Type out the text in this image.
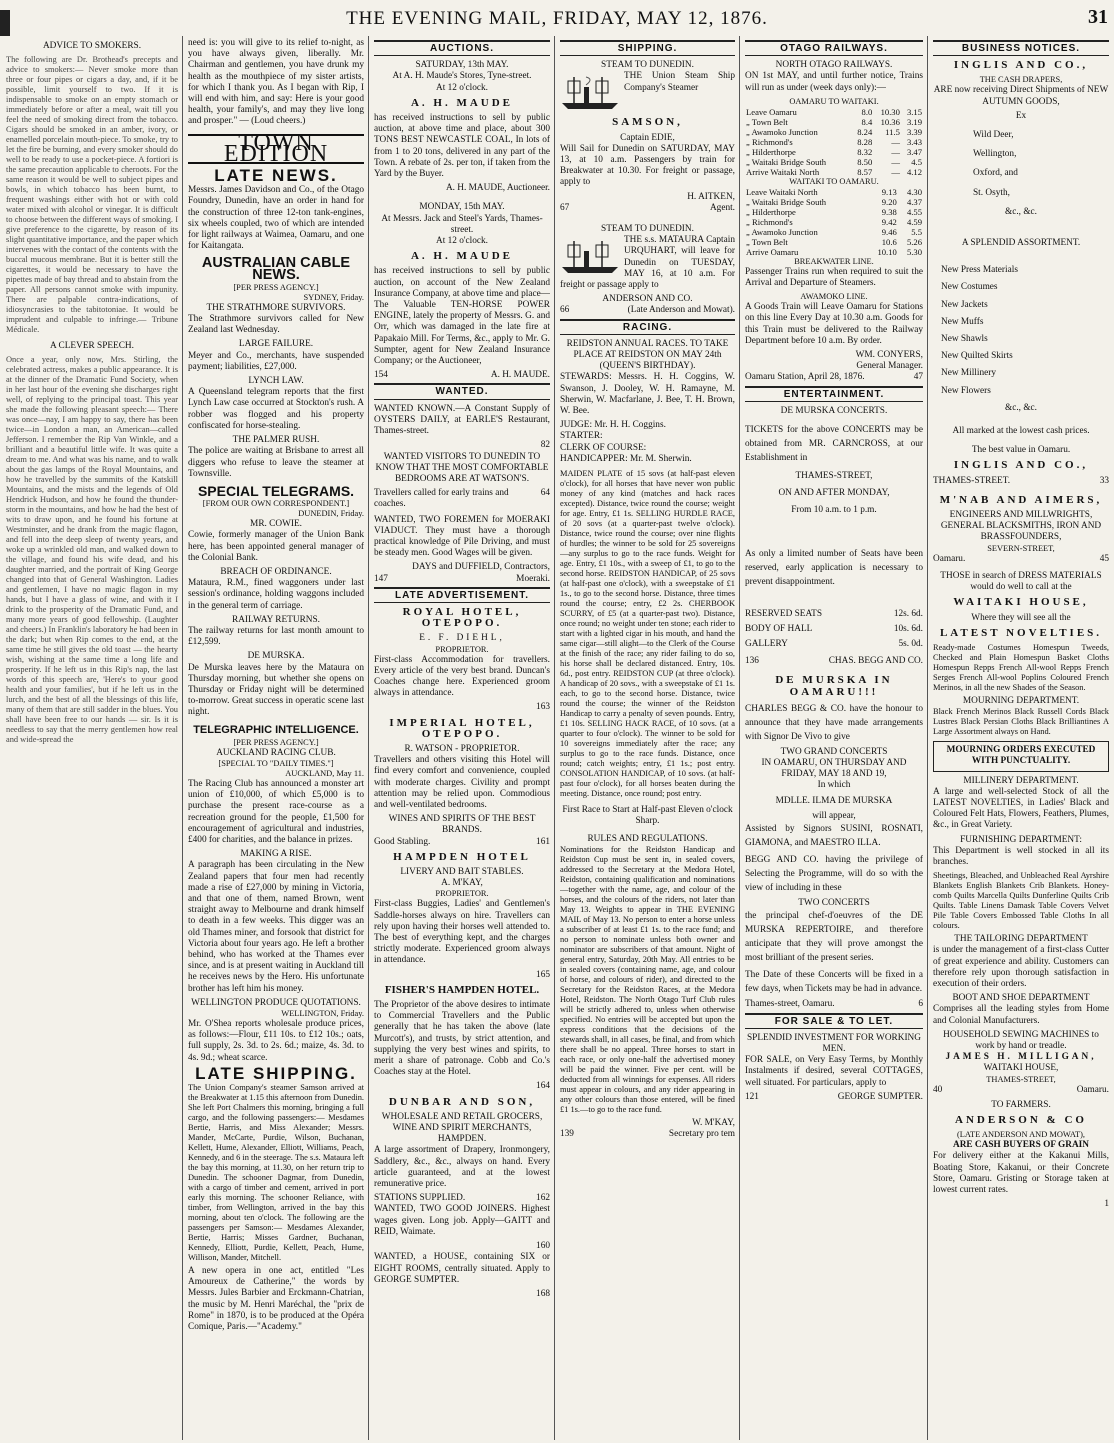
THE EVENING MAIL, FRIDAY, MAY 12, 1876.	31
ADVICE TO SMOKERS.

The following are Dr. Brothead's precepts and advice to smokers:— Never smoke more than three or four pipes or cigars a day, and, if it be possible, limit yourself to two. If it is indispensable to smoke on an empty stomach or immediately before or after a meal, wait till you feel the need of smoking direct from the tobacco. Cigars should be smoked in an amber, ivory, or enamelled porcelain mouth-piece. To smoke, try to let the fire be burning, and every smoker should do well to be ready to use a pocket-piece. A fortiori is the same precaution applicable to cheroots. For the same reason it would be well to subject pipes and bowls, in which tobacco has been burnt, to frequent washings either with hot or with cold water mixed with alcohol or vinegar. It is difficult to choose between the different ways of smoking. I give preference to the cigarette, by reason of its slight quantitative importance, and the paper which intervenes with the contact of the contents with the buccal mucous membrane. But it is better still the cigarettes, it would be necessary to have the pipettes made of bay thread and to abstain from the paper. All persons cannot smoke with impunity. There are palpable contra-indications, of idiosyncrasies to the tabitotoniae. It would be imprudent and culpable to infringe.— Tribune Médicale.

A CLEVER SPEECH.

Once a year, only now, Mrs. Stirling, the celebrated actress, makes a public appearance. It is at the dinner of the Dramatic Fund Society, when in her last hour of the evening she discharges right well, of replying to the principal toast. This year she made the following pleasant speech:— There was once—nay, I am happy to say, there has been twice—in London a man, an American—called Jefferson. I remember the Rip Van Winkle, and a brilliant and a beautiful little wife. It was quite a dream to me. And what was his name, and to walk about the gas lamps of the Royal Mountains, and how he travelled by the summits of the Katskill Mountains, and the mists and the legends of Old Hendrick Hudson, and how he found the thunder-storm in the mountains, and how he had the best of wits to draw upon, and he found his fortune at Westminster, and he drank from the magic flagon, and fell into the deep sleep of twenty years, and woke up a wrinkled old man, and walked down to the village, and found his wife dead, and his daughter married, and the portrait of King George changed into that of General Washington. Ladies and gentlemen, I have no magic flagon in my hands, but I have a glass of wine, and with it I drink to the prosperity of the Dramatic Fund, and many more years of good fellowship. (Laughter and cheers.) In Franklin's laboratory he had been in the dark; but when Rip comes to the end, at the same time he still gives the old toast — the hearty wish, wishing at the same time a long life and prosperity. If he left us in this Rip's nap, the last words of this speech are, 'Here's to your good health and your families', but if he left us in the lurch, and the best of all the blessings of this life, many of them that are still sadder in the blues. You shall have been free to our hands — sir. Is it is needless to say that the merry gentlemen how real and wide-spread the

need is: you will give to its relief to-night, as you have always given, liberally. Mr. Chairman and gentlemen, you have drunk my health as the mouthpiece of my sister artists, for which I thank you. As I began with Rip, I will end with him, and say: Here is your good health, your family's, and may they live long and prosper." — (Loud cheers.)

TOWN EDITION
LATE NEWS.

Messrs. James Davidson and Co., of the Otago Foundry, Dunedin, have an order in hand for the construction of three 12-ton tank-engines, six wheels coupled, two of which are intended for light railways at Waimea, Oamaru, and one for Kaitangata.

AUSTRALIAN CABLE NEWS.
[PER PRESS AGENCY.]
SYDNEY, Friday.
THE STRATHMORE SURVIVORS.

The Strathmore survivors called for New Zealand last Wednesday.

LARGE FAILURE.

Meyer and Co., merchants, have suspended payment; liabilities, £27,000.

LYNCH LAW.

A Queensland telegram reports that the first Lynch Law case occurred at Stockton's rush. A robber was flogged and his property confiscated for horse-stealing.

THE PALMER RUSH.

The police are waiting at Brisbane to arrest all diggers who refuse to leave the steamer at Townsville.

SPECIAL TELEGRAMS.
[FROM OUR OWN CORRESPONDENT.]
DUNEDIN, Friday.
MR. COWIE.

Cowie, formerly manager of the Union Bank here, has been appointed general manager of the Colonial Bank.

BREACH OF ORDINANCE.

Mataura, R.M., fined waggoners under last session's ordinance, holding waggons included in the general term of carriage.

RAILWAY RETURNS.

The railway returns for last month amount to £12,599.

DE MURSKA.

De Murska leaves here by the Mataura on Thursday morning, but whether she opens on Thursday or Friday night will be determined to-morrow. Great success in operatic scene last night.

TELEGRAPHIC INTELLIGENCE.
[PER PRESS AGENCY.]
AUCKLAND RACING CLUB.
[SPECIAL TO "DAILY TIMES."]
AUCKLAND, May 11.

The Racing Club has announced a monster art union of £10,000, of which £5,000 is to purchase the present race-course as a recreation ground for the people, £1,500 for encouragement of agricultural and industries, £400 for charities, and the balance in prizes.

MAKING A RISE.

A paragraph has been circulating in the New Zealand papers that four men had recently made a rise of £27,000 by mining in Victoria, and that one of them, named Brown, went straight away to Melbourne and drank himself to death in a few weeks. This digger was an old Thames miner, and forsook that district for Victoria about four years ago. He left a brother behind, who has worked at the Thames ever since, and is at present waiting in Auckland till he receives news by the Hero. His unfortunate brother has left him his money.

WELLINGTON PRODUCE QUOTATIONS.
WELLINGTON, Friday.

Mr. O'Shea reports wholesale produce prices, as follows:—Flour, £11 10s. to £12 10s.; oats, full supply, 2s. 3d. to 2s. 6d.; maize, 4s. 3d. to 4s. 9d.; wheat scarce.

LATE SHIPPING.

The Union Company's steamer Samson arrived at the Breakwater at 1.15 this afternoon from Dunedin. She left Port Chalmers this morning, bringing a full cargo, and the following passengers:— Mesdames Bertie, Harris, and Miss Alexander; Messrs. Mander, McCarte, Purdie, Wilson, Buchanan, Kellett, Hume, Alexander, Elliott, Williams, Peach, Kennedy, and 6 in the steerage. The s.s. Mataura left the bay this morning, at 11.30, on her return trip to Dunedin. The schooner Dagmar, from Dunedin, with a cargo of timber and cement, arrived in port early this morning. The schooner Reliance, with timber, from Wellington, arrived in the bay this morning, about ten o'clock. The following are the passengers per Samson:— Mesdames Alexander, Bertie, Harris; Misses Gardner, Buchanan, Kennedy, Elliott, Purdie, Kellett, Peach, Hume, Willison, Mander, Mitchell.

A new opera in one act, entitled "Les Amoureux de Catherine," the words by Messrs. Jules Barbier and Erckmann-Chatrian, the music by M. Henri Maréchal, the "prix de Rome" in 1870, is to be produced at the Opéra Comique, Paris.—"Academy."

AUCTIONS.
SATURDAY, 13th MAY.
At A. H. Maude's Stores, Tyne-street.
At 12 o'clock.
A. H. MAUDE

has received instructions to sell by public auction, at above time and place, about 300 TONS BEST NEWCASTLE COAL, In lots of from 1 to 20 tons, delivered in any part of the Town. A rebate of 2s. per ton, if taken from the Yard by the Buyer.

A. H. MAUDE, Auctioneer.
MONDAY, 15th MAY.
At Messrs. Jack and Steel's Yards, Thames-street.
At 12 o'clock.
A. H. MAUDE

has received instructions to sell by public auction, on account of the New Zealand Insurance Company, at above time and place— The Valuable TEN-HORSE POWER ENGINE, lately the property of Messrs. G. and Orr, which was damaged in the late fire at Papakaio Mill. For Terms, &c., apply to Mr. G. Sumpter, agent for New Zealand Insurance Company; or the Auctioneer,

154	A. H. MAUDE.
WANTED.

WANTED KNOWN.—A Constant Supply of OYSTERS DAILY, at EARLE'S Restaurant, Thames-street.

82

WANTED VISITORS TO DUNEDIN TO KNOW THAT THE MOST COMFORTABLE BEDROOMS ARE AT WATSON'S.

Travellers called for early trains and coaches.
64

WANTED, TWO FOREMEN for MOERAKI VIADUCT. They must have a thorough practical knowledge of Pile Driving, and must be steady men. Good Wages will be given.

DAYS and DUFFIELD, Contractors,
147	Moeraki.
LATE ADVERTISEMENT.
ROYAL HOTEL, OTEPOPO.
E. F. DIEHL,
PROPRIETOR.

First-class Accommodation for travellers. Every article of the very best brand. Duncan's Coaches change here. Experienced groom always in attendance.

163
IMPERIAL HOTEL, OTEPOPO.
R. WATSON - PROPRIETOR.

Travellers and others visiting this Hotel will find every comfort and convenience, coupled with moderate charges. Civility and prompt attention may be relied upon. Commodious and well-ventilated bedrooms.

WINES AND SPIRITS OF THE BEST BRANDS.
Good Stabling.	161
HAMPDEN HOTEL
LIVERY AND BAIT STABLES.
A. M'KAY,
PROPRIETOR.

First-class Buggies, Ladies' and Gentlemen's Saddle-horses always on hire. Travellers can rely upon having their horses well attended to. The best of everything kept, and the charges strictly moderate. Experienced groom always in attendance.

165
FISHER'S HAMPDEN HOTEL.

The Proprietor of the above desires to intimate to Commercial Travellers and the Public generally that he has taken the above (late Murcott's), and trusts, by strict attention, and supplying the very best wines and spirits, to merit a share of patronage. Cobb and Co.'s Coaches stay at the Hotel.

164
DUNBAR AND SON,
WHOLESALE AND RETAIL GROCERS, WINE AND SPIRIT MERCHANTS,
HAMPDEN.

A large assortment of Drapery, Ironmongery, Saddlery, &c., &c., always on hand. Every article guaranteed, and at the lowest remunerative price.

STATIONS SUPPLIED.	162

WANTED, TWO GOOD JOINERS. Highest wages given. Long job. Apply—GAITT and REID, Waimate.

160

WANTED, a HOUSE, containing SIX or EIGHT ROOMS, centrally situated. Apply to GEORGE SUMPTER.

168
SHIPPING.
STEAM TO DUNEDIN.

THE Union Steam Ship Company's Steamer

SAMSON,
Captain EDIE,

Will Sail for Dunedin on SATURDAY, MAY 13, at 10 a.m. Passengers by train for Breakwater at 10.30. For freight or passage, apply to

H. AITKEN,
67	Agent.
STEAM TO DUNEDIN.

THE s.s. MATAURA Captain URQUHART, will leave for Dunedin on TUESDAY, MAY 16, at 10 a.m. For freight or passage apply to

ANDERSON AND CO.
66	(Late Anderson and Mowat).
RACING.
REIDSTON ANNUAL RACES. TO TAKE PLACE AT REIDSTON ON MAY 24th (QUEEN'S BIRTHDAY).

STEWARDS: Messrs. H. H. Coggins, W. Swanson, J. Dooley, W. H. Ramayne, M. Sherwin, W. Macfarlane, J. Bee, T. H. Brown, W. Bee.

JUDGE: Mr. H. H. Coggins.
STARTER:
CLERK OF COURSE:
HANDICAPPER: Mr. M. Sherwin.

MAIDEN PLATE of 15 sovs (at half-past eleven o'clock), for all horses that have never won public money of any kind (matches and hack races excepted). Distance, twice round the course; weight for age. Entry, £1 1s. SELLING HURDLE RACE, of 20 sovs (at a quarter-past twelve o'clock). Distance, twice round the course; over nine flights of hurdles; the winner to be sold for 25 sovereigns—any surplus to go to the race funds. Weight for age. Entry, £1 10s., with a sweep of £1, to go to the second horse. REIDSTON HANDICAP, of 25 sovs (at half-past one o'clock), with a sweepstake of £1 1s., to go to the second horse. Distance, three times round the course; entry, £2 2s. CHERBOOK SCURRY, of £5 (at a quarter-past two). Distance, once round; no weight under ten stone; each rider to start with a lighted cigar in his mouth, and hand the same cigar—still alight—to the Clerk of the Course at the finish of the race; any rider failing to do so, his horse shall be declared distanced. Entry, 10s. 6d., post entry. REIDSTON CUP (at three o'clock). A handicap of 20 sovs., with a sweepstake of £1 1s. each, to go to the second horse. Distance, twice round the course; the winner of the Reidston Handicap to carry a penalty of seven pounds. Entry, £1 10s. SELLING HACK RACE, of 10 sovs. (at a quarter to four o'clock). The winner to be sold for 10 sovereigns immediately after the race; any surplus to go to the race funds. Distance, once round; catch weights; entry, £1 1s.; post entry. CONSOLATION HANDICAP, of 10 sovs. (at half-past four o'clock), for all horses beaten during the meeting. Distance, once round; post entry.

First Race to Start at Half-past Eleven o'clock Sharp.
RULES AND REGULATIONS.

Nominations for the Reidston Handicap and Reidston Cup must be sent in, in sealed covers, addressed to the Secretary at the Medora Hotel, Reidston, containing qualification and nominations—together with the name, age, and colour of the horses, and the colours of the riders, not later than May 13. Weights to appear in THE EVENING MAIL of May 13. No person to enter a horse unless a subscriber of at least £1 1s. to the race fund; and no person to nominate unless both owner and nominator are subscribers of that amount. Night of general entry, Saturday, 20th May. All entries to be in sealed covers (containing name, age, and colour of horse, and colours of rider), and directed to the Secretary for the Reidston Races, at the Medora Hotel, Reidston. The North Otago Turf Club rules will be strictly adhered to, unless when otherwise specified. No entries will be accepted but upon the express conditions that the decisions of the stewards shall, in all cases, be final, and from which there shall be no appeal. Three horses to start in each race, or only one-half the advertised money will be paid the winner. Five per cent. will be deducted from all winnings for expenses. All riders must appear in colours, and any rider appearing in any other colours than those entered, will be fined £1 1s.—to go to the race fund.

W. M'KAY,
139	Secretary pro tem
OTAGO RAILWAYS.
NORTH OTAGO RAILWAYS.

ON 1st MAY, and until further notice, Trains will run as under (week days only):—

OAMARU TO WAITAKI.
Leave Oamaru	8.0	10.30	3.15
„ Town Belt	8.4	10.36	3.19
„ Awamoko Junction	8.24	11.5	3.39
„ Richmond's	8.28	—	3.43
„ Hilderthorpe	8.32	—	3.47
„ Waitaki Bridge South	8.50	—	4.5
Arrive Waitaki North	8.57	—	4.12
WAITAKI TO OAMARU.
Leave Waitaki North	9.13	4.30
„ Waitaki Bridge South	9.20	4.37
„ Hilderthorpe	9.38	4.55
„ Richmond's	9.42	4.59
„ Awamoko Junction	9.46	5.5
„ Town Belt	10.6	5.26
Arrive Oamaru	10.10	5.30
BREAKWATER LINE.

Passenger Trains run when required to suit the Arrival and Departure of Steamers.

AWAMOKO LINE.

A Goods Train will Leave Oamaru for Stations on this line Every Day at 10.30 a.m. Goods for this Train must be delivered to the Railway Department before 10 a.m. By order.

WM. CONYERS,
General Manager.
Oamaru Station, April 28, 1876.	47
ENTERTAINMENT.
DE MURSKA CONCERTS.

TICKETS for the above CONCERTS may be obtained from MR. CARNCROSS, at our Establishment in

THAMES-STREET,
ON AND AFTER MONDAY,
From 10 a.m. to 1 p.m.

As only a limited number of Seats have been reserved, early application is necessary to prevent disappointment.

RESERVED SEATS	12s. 6d.
BODY OF HALL	10s. 6d.
GALLERY	5s. 0d.
136	CHAS. BEGG AND CO.
DE MURSKA IN OAMARU!!!

CHARLES BEGG & CO. have the honour to announce that they have made arrangements with Signor De Vivo to give

TWO GRAND CONCERTS
IN OAMARU, ON THURSDAY AND FRIDAY, MAY 18 AND 19,
In which
MDLLE. ILMA DE MURSKA
will appear,

Assisted by Signors SUSINI, ROSNATI, GIAMONA, and MAESTRO ILLA.

BEGG AND CO. having the privilege of Selecting the Programme, will do so with the view of including in these

TWO CONCERTS

the principal chef-d'oeuvres of the DE MURSKA REPERTOIRE, and therefore anticipate that they will prove amongst the most brilliant of the present series.

The Date of these Concerts will be fixed in a few days, when Tickets may be had in advance.

Thames-street, Oamaru.	6
FOR SALE & TO LET.
SPLENDID INVESTMENT FOR WORKING MEN.

FOR SALE, on Very Easy Terms, by Monthly Instalments if desired, several COTTAGES, well situated. For particulars, apply to

121	GEORGE SUMPTER.
BUSINESS NOTICES.
INGLIS AND CO.,
THE CASH DRAPERS,

ARE now receiving Direct Shipments of NEW AUTUMN GOODS,

Ex
Wild Deer,
Wellington,
Oxford, and
St. Osyth,
&c., &c.
A SPLENDID ASSORTMENT.
New Press Materials
New Costumes
New Jackets
New Muffs
New Shawls
New Quilted Skirts
New Millinery
New Flowers
&c., &c.
All marked at the lowest cash prices.
The best value in Oamaru.
INGLIS AND CO.,
THAMES-STREET.	33
M'NAB AND AIMERS,
ENGINEERS AND MILLWRIGHTS, GENERAL BLACKSMITHS, IRON AND BRASSFOUNDERS,
SEVERN-STREET,
Oamaru.	45

THOSE in search of DRESS MATERIALS would do well to call at the

WAITAKI HOUSE,
Where they will see all the
LATEST NOVELTIES.

Ready-made Costumes Homespun Tweeds, Checked and Plain Homespun Basket Cloths Homespun Repps French All-wool Repps French Serges French All-wool Poplins Coloured French Merinos, in all the new Shades of the Season.

MOURNING DEPARTMENT.

Black French Merinos Black Russell Cords Black Lustres Black Persian Cloths Black Brilliantines A Large Assortment always on Hand.

MOURNING ORDERS EXECUTED WITH PUNCTUALITY.
MILLINERY DEPARTMENT.

A large and well-selected Stock of all the LATEST NOVELTIES, in Ladies' Black and Coloured Felt Hats, Flowers, Feathers, Plumes, &c., in Great Variety.

FURNISHING DEPARTMENT:

This Department is well stocked in all its branches.

Sheetings, Bleached, and Unbleached Real Ayrshire Blankets English Blankets Crib Blankets. Honey-comb Quilts Marcella Quilts Dunferline Quilts Crib Quilts. Table Linens Damask Table Covers Velvet Pile Table Covers Embossed Table Cloths In all colours.

THE TAILORING DEPARTMENT

is under the management of a first-class Cutter of great experience and ability. Customers can therefore rely upon thorough satisfaction in execution of their orders.

BOOT AND SHOE DEPARTMENT

Comprises all the leading styles from Home and Colonial Manufacturers.

HOUSEHOLD SEWING MACHINES to work by hand or treadle.
JAMES H. MILLIGAN,
WAITAKI HOUSE,
THAMES-STREET,
40	Oamaru.
TO FARMERS.
ANDERSON & CO
(LATE ANDERSON AND MOWAT),
ARE CASH BUYERS OF GRAIN

For delivery either at the Kakanui Mills, Boating Store, Kakanui, or their Concrete Store, Oamaru. Gristing or Storage taken at lowest current rates.

1
